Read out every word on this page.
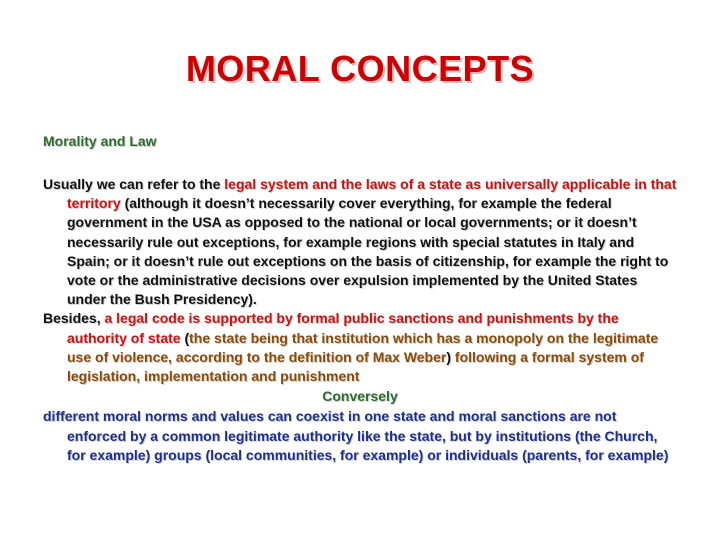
MORAL CONCEPTS
Morality and Law

Usually we can refer to the legal system and the laws of a state as universally applicable in that territory (although it doesn’t necessarily cover everything, for example the federal government in the USA as opposed to the national or local governments; or it doesn’t necessarily rule out exceptions, for example regions with special statutes in Italy and Spain; or it doesn’t rule out exceptions on the basis of citizenship, for example the right to vote or the administrative decisions over expulsion implemented by the United States under the Bush Presidency).

Besides, a legal code is supported by formal public sanctions and punishments by the authority of state (the state being that institution which has a monopoly on the legitimate use of violence, according to the definition of Max Weber) following a formal system of legislation, implementation and punishment

Conversely

different moral norms and values can coexist in one state and moral sanctions are not enforced by a common legitimate authority like the state, but by institutions (the Church, for example) groups (local communities, for example) or individuals (parents, for example)
